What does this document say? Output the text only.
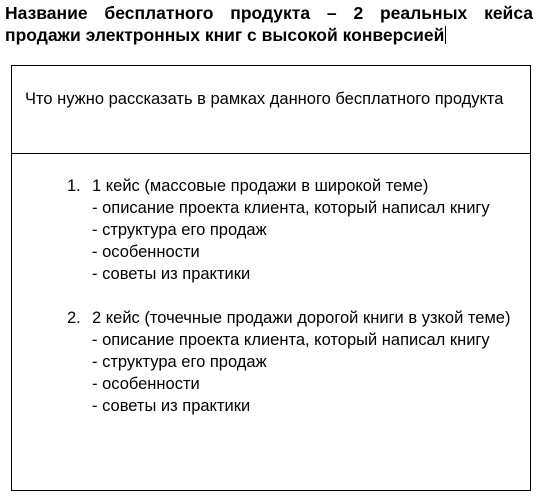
Название бесплатного продукта – 2 реальных кейса продажи электронных книг с высокой конверсией
Что нужно рассказать в рамках данного бесплатного продукта
1. 1 кейс (массовые продажи в широкой теме)
- описание проекта клиента, который написал книгу
- структура его продаж
- особенности
- советы из практики
2. 2 кейс (точечные продажи дорогой книги в узкой теме)
- описание проекта клиента, который написал книгу
- структура его продаж
- особенности
- советы из практики
